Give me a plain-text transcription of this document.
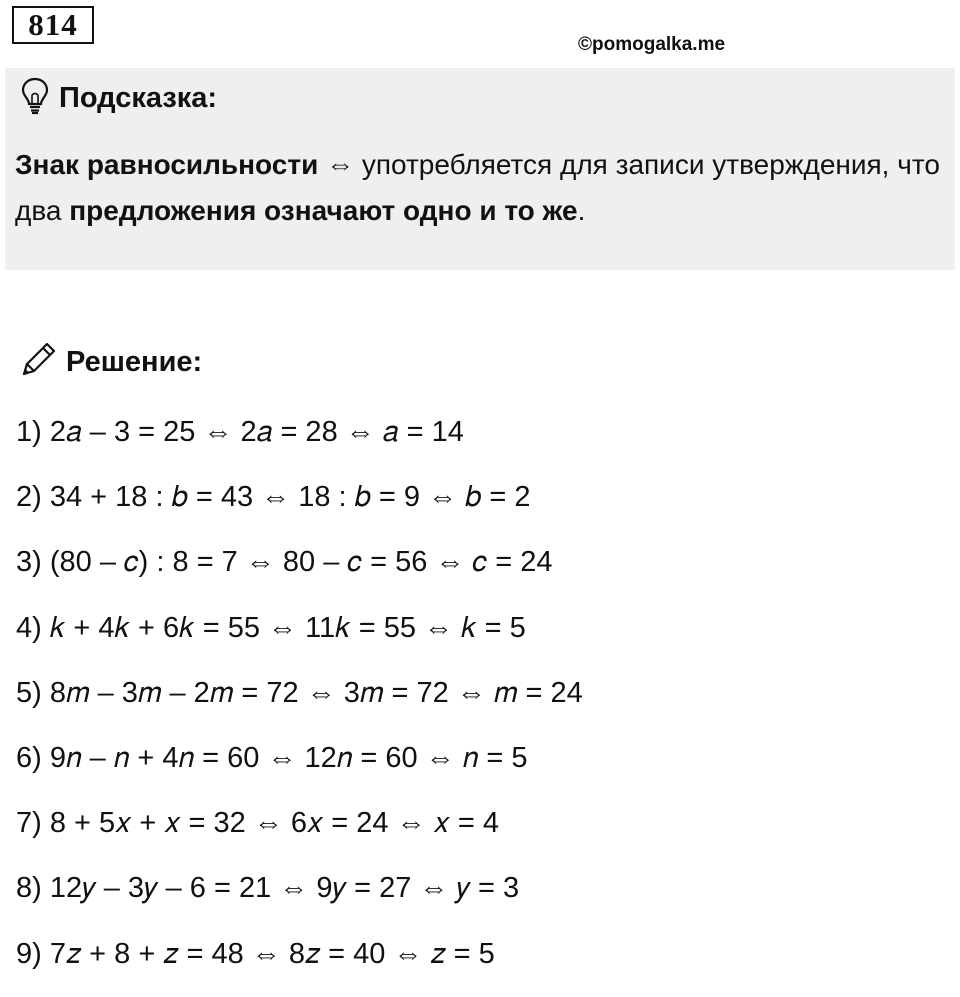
814
©pomogalka.me
Подсказка:
Знак равносильности ⇔ употребляется для записи утверждения, что два предложения означают одно и то же.
Решение:
1) 2𝑎 – 3 = 25 ⇔ 2𝑎 = 28 ⇔ 𝑎 = 14
2) 34 + 18 : 𝑏 = 43 ⇔ 18 : 𝑏 = 9 ⇔ 𝑏 = 2
3) (80 – 𝑐) : 8 = 7 ⇔ 80 – 𝑐 = 56 ⇔ 𝑐 = 24
4) 𝑘 + 4𝑘 + 6𝑘 = 55 ⇔ 11𝑘 = 55 ⇔ 𝑘 = 5
5) 8𝑚 – 3𝑚 – 2𝑚 = 72 ⇔ 3𝑚 = 72 ⇔ 𝑚 = 24
6) 9𝑛 – 𝑛 + 4𝑛 = 60 ⇔ 12𝑛 = 60 ⇔ 𝑛 = 5
7) 8 + 5𝑥 + 𝑥 = 32 ⇔ 6𝑥 = 24 ⇔ 𝑥 = 4
8) 12𝑦 – 3𝑦 – 6 = 21 ⇔ 9𝑦 = 27 ⇔ 𝑦 = 3
9) 7𝑧 + 8 + 𝑧 = 48 ⇔ 8𝑧 = 40 ⇔ 𝑧 = 5
